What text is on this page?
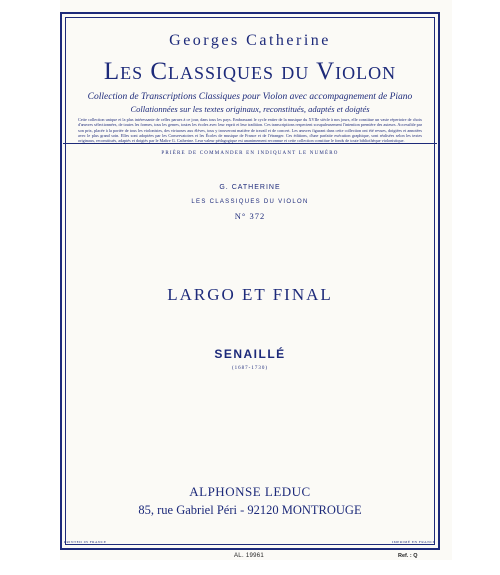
Georges Catherine
Les Classiques du Violon
Collection de Transcriptions Classiques pour Violon avec accompagnement de Piano
Collationnées sur les textes originaux, reconstitués, adaptés et doigtés
Cette collection unique et la plus intéressante de celles parues à ce jour, dans tous les pays. Embrassant le cycle entier de la musique du XVIIe siècle à nos jours, elle constitue un vaste répertoire de choix d'œuvres sélectionnées, de toutes les formes, tous les genres, toutes les écoles avec leur esprit et leur tradition. Ces transcriptions respectent scrupuleusement l'intention première des auteurs. Accessible par son prix, placée à la portée de tous les violonistes, des virtuoses aux élèves, tous y trouveront matière de travail et de concert. Les œuvres figurant dans cette collection ont été revues, doigtées et annotées avec le plus grand soin. Elles sont adoptées par les Conservatoires et les Écoles de musique de France et de l'étranger. Ces éditions, d'une parfaite exécution graphique, sont réalisées selon les textes originaux, reconstitués, adaptés et doigtés par le Maître G. Catherine. Leur valeur pédagogique est unanimement reconnue et cette collection constitue le fonds de toute bibliothèque violonistique.
PRIÈRE DE COMMANDER EN INDIQUANT LE NUMÉRO
G. CATHERINE
LES CLASSIQUES DU VIOLON
N° 372
LARGO ET FINAL
SENAILLÉ
(1687-1730)
ALPHONSE LEDUC
85, rue Gabriel Péri - 92120 MONTROUGE
PRINTED IN FRANCE	IMPRIMÉ EN FRANCE
AL. 19961	Ref. : Q
